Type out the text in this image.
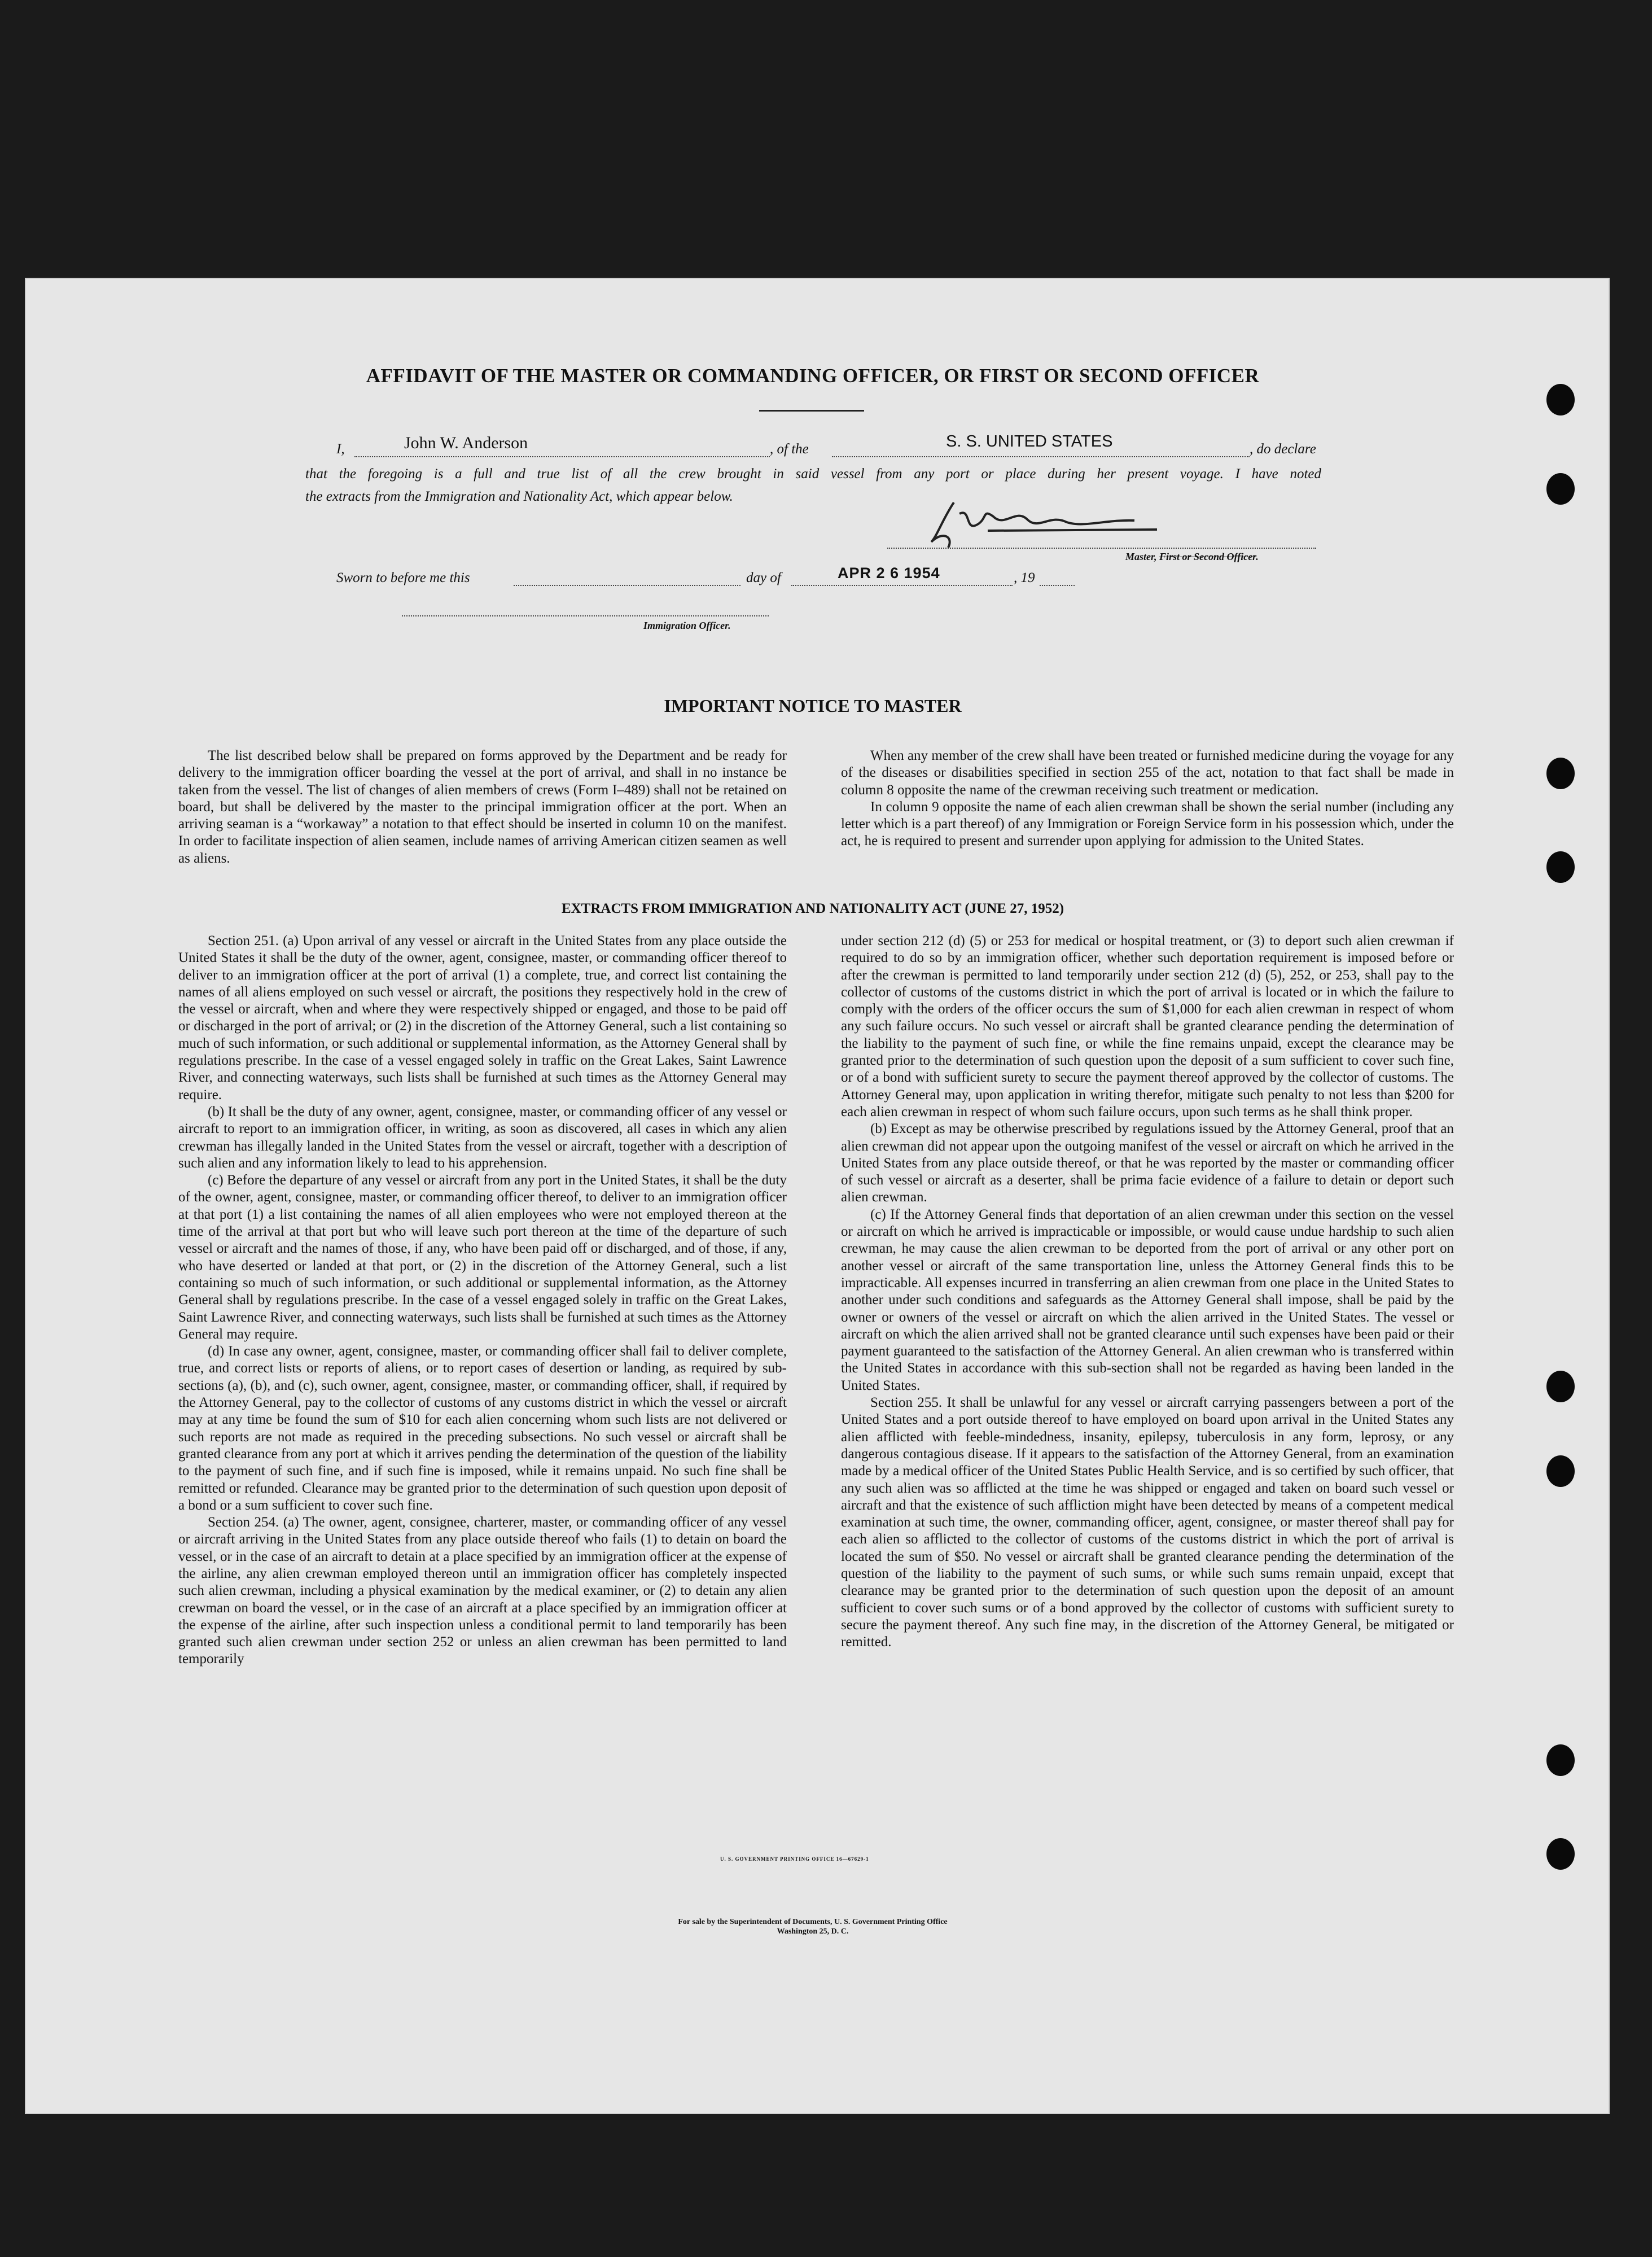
AFFIDAVIT OF THE MASTER OR COMMANDING OFFICER, OR FIRST OR SECOND OFFICER
I,	John W. Anderson	, of the	S. S. UNITED STATES	, do declare
that the foregoing is a full and true list of all the crew brought in said vessel from any port or place during her present voyage. I have noted
the extracts from the Immigration and Nationality Act, which appear below.
Master, First or Second Officer.
Sworn to before me this	day of	APR 2 6 1954	, 19
Immigration Officer.
IMPORTANT NOTICE TO MASTER

The list described below shall be prepared on forms approved by the Department and be ready for delivery to the immigration officer boarding the vessel at the port of arrival, and shall in no instance be taken from the vessel. The list of changes of alien members of crews (Form I–489) shall not be retained on board, but shall be delivered by the master to the principal immigration officer at the port. When an arriving seaman is a “workaway” a notation to that effect should be inserted in column 10 on the manifest. In order to facilitate inspection of alien seamen, include names of arriving American citizen seamen as well as aliens.

When any member of the crew shall have been treated or furnished medicine during the voyage for any of the diseases or disabilities specified in section 255 of the act, notation to that fact shall be made in column 8 opposite the name of the crewman receiving such treatment or medication.

In column 9 opposite the name of each alien crewman shall be shown the serial number (including any letter which is a part thereof) of any Immigration or Foreign Service form in his possession which, under the act, he is required to present and surrender upon applying for admission to the United States.

EXTRACTS FROM IMMIGRATION AND NATIONALITY ACT (JUNE 27, 1952)

Section 251. (a) Upon arrival of any vessel or aircraft in the United States from any place outside the United States it shall be the duty of the owner, agent, consignee, master, or commanding officer thereof to deliver to an immigration officer at the port of arrival (1) a complete, true, and correct list containing the names of all aliens employed on such vessel or aircraft, the positions they respectively hold in the crew of the vessel or aircraft, when and where they were respectively shipped or engaged, and those to be paid off or discharged in the port of arrival; or (2) in the discretion of the Attorney General, such a list containing so much of such information, or such additional or supplemental information, as the Attorney General shall by regulations prescribe. In the case of a vessel engaged solely in traffic on the Great Lakes, Saint Lawrence River, and connecting waterways, such lists shall be furnished at such times as the Attorney General may require.

(b) It shall be the duty of any owner, agent, consignee, master, or commanding officer of any vessel or aircraft to report to an immigration officer, in writing, as soon as discovered, all cases in which any alien crewman has illegally landed in the United States from the vessel or aircraft, together with a description of such alien and any information likely to lead to his apprehension.

(c) Before the departure of any vessel or aircraft from any port in the United States, it shall be the duty of the owner, agent, consignee, master, or commanding officer thereof, to deliver to an immigration officer at that port (1) a list containing the names of all alien employees who were not employed thereon at the time of the arrival at that port but who will leave such port thereon at the time of the departure of such vessel or aircraft and the names of those, if any, who have been paid off or discharged, and of those, if any, who have deserted or landed at that port, or (2) in the discretion of the Attorney General, such a list containing so much of such information, or such additional or supplemental information, as the Attorney General shall by regulations prescribe. In the case of a vessel engaged solely in traffic on the Great Lakes, Saint Lawrence River, and connecting waterways, such lists shall be furnished at such times as the Attorney General may require.

(d) In case any owner, agent, consignee, master, or commanding officer shall fail to deliver complete, true, and correct lists or reports of aliens, or to report cases of desertion or landing, as required by sub-sections (a), (b), and (c), such owner, agent, consignee, master, or commanding officer, shall, if required by the Attorney General, pay to the collector of customs of any customs district in which the vessel or aircraft may at any time be found the sum of $10 for each alien concerning whom such lists are not delivered or such reports are not made as required in the preceding subsections. No such vessel or aircraft shall be granted clearance from any port at which it arrives pending the determination of the question of the liability to the payment of such fine, and if such fine is imposed, while it remains unpaid. No such fine shall be remitted or refunded. Clearance may be granted prior to the determination of such question upon deposit of a bond or a sum sufficient to cover such fine.

Section 254. (a) The owner, agent, consignee, charterer, master, or commanding officer of any vessel or aircraft arriving in the United States from any place outside thereof who fails (1) to detain on board the vessel, or in the case of an aircraft to detain at a place specified by an immigration officer at the expense of the airline, any alien crewman employed thereon until an immigration officer has completely inspected such alien crewman, including a physical examination by the medical examiner, or (2) to detain any alien crewman on board the vessel, or in the case of an aircraft at a place specified by an immigration officer at the expense of the airline, after such inspection unless a conditional permit to land temporarily has been granted such alien crewman under section 252 or unless an alien crewman has been permitted to land temporarily

under section 212 (d) (5) or 253 for medical or hospital treatment, or (3) to deport such alien crewman if required to do so by an immigration officer, whether such deportation requirement is imposed before or after the crewman is permitted to land temporarily under section 212 (d) (5), 252, or 253, shall pay to the collector of customs of the customs district in which the port of arrival is located or in which the failure to comply with the orders of the officer occurs the sum of $1,000 for each alien crewman in respect of whom any such failure occurs. No such vessel or aircraft shall be granted clearance pending the determination of the liability to the payment of such fine, or while the fine remains unpaid, except the clearance may be granted prior to the determination of such question upon the deposit of a sum sufficient to cover such fine, or of a bond with sufficient surety to secure the payment thereof approved by the collector of customs. The Attorney General may, upon application in writing therefor, mitigate such penalty to not less than $200 for each alien crewman in respect of whom such failure occurs, upon such terms as he shall think proper.

(b) Except as may be otherwise prescribed by regulations issued by the Attorney General, proof that an alien crewman did not appear upon the outgoing manifest of the vessel or aircraft on which he arrived in the United States from any place outside thereof, or that he was reported by the master or commanding officer of such vessel or aircraft as a deserter, shall be prima facie evidence of a failure to detain or deport such alien crewman.

(c) If the Attorney General finds that deportation of an alien crewman under this section on the vessel or aircraft on which he arrived is impracticable or impossible, or would cause undue hardship to such alien crewman, he may cause the alien crewman to be deported from the port of arrival or any other port on another vessel or aircraft of the same transportation line, unless the Attorney General finds this to be impracticable. All expenses incurred in transferring an alien crewman from one place in the United States to another under such conditions and safeguards as the Attorney General shall impose, shall be paid by the owner or owners of the vessel or aircraft on which the alien arrived in the United States. The vessel or aircraft on which the alien arrived shall not be granted clearance until such expenses have been paid or their payment guaranteed to the satisfaction of the Attorney General. An alien crewman who is transferred within the United States in accordance with this sub-section shall not be regarded as having been landed in the United States.

Section 255. It shall be unlawful for any vessel or aircraft carrying passengers between a port of the United States and a port outside thereof to have employed on board upon arrival in the United States any alien afflicted with feeble-mindedness, insanity, epilepsy, tuberculosis in any form, leprosy, or any dangerous contagious disease. If it appears to the satisfaction of the Attorney General, from an examination made by a medical officer of the United States Public Health Service, and is so certified by such officer, that any such alien was so afflicted at the time he was shipped or engaged and taken on board such vessel or aircraft and that the existence of such affliction might have been detected by means of a competent medical examination at such time, the owner, commanding officer, agent, consignee, or master thereof shall pay for each alien so afflicted to the collector of customs of the customs district in which the port of arrival is located the sum of $50. No vessel or aircraft shall be granted clearance pending the determination of the question of the liability to the payment of such sums, or while such sums remain unpaid, except that clearance may be granted prior to the determination of such question upon the deposit of an amount sufficient to cover such sums or of a bond approved by the collector of customs with sufficient surety to secure the payment thereof. Any such fine may, in the discretion of the Attorney General, be mitigated or remitted.

U. S. GOVERNMENT PRINTING OFFICE 16—67629-1
For sale by the Superintendent of Documents, U. S. Government Printing Office
Washington 25, D. C.
